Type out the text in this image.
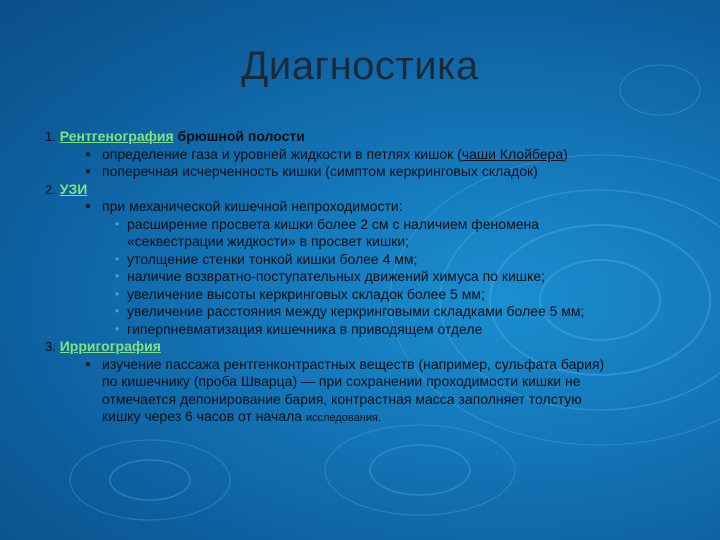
Диагностика
1. Рентгенография брюшной полости
● определение газа и уровней жидкости в петлях кишок (чаши Клойбера)
● поперечная исчерченность кишки (симптом керкринговых складок)
2. УЗИ
● при механической кишечной непроходимости:
• расширение просвета кишки более 2 см с наличием феномена
«секвестрации жидкости» в просвет кишки;
• утолщение стенки тонкой кишки более 4 мм;
• наличие возвратно-поступательных движений химуса по кишке;
• увеличение высоты керкринговых складок более 5 мм;
• увеличение расстояния между керкринговыми складками более 5 мм;
• гиперпневматизация кишечника в приводящем отделе
3. Ирригография
● изучение пассажа рентгенконтрастных веществ (например, сульфата бария)
по кишечнику (проба Шварца) — при сохранении проходимости кишки не
отмечается депонирование бария, контрастная масса заполняет толстую
кишку через 6 часов от начала исследования.
